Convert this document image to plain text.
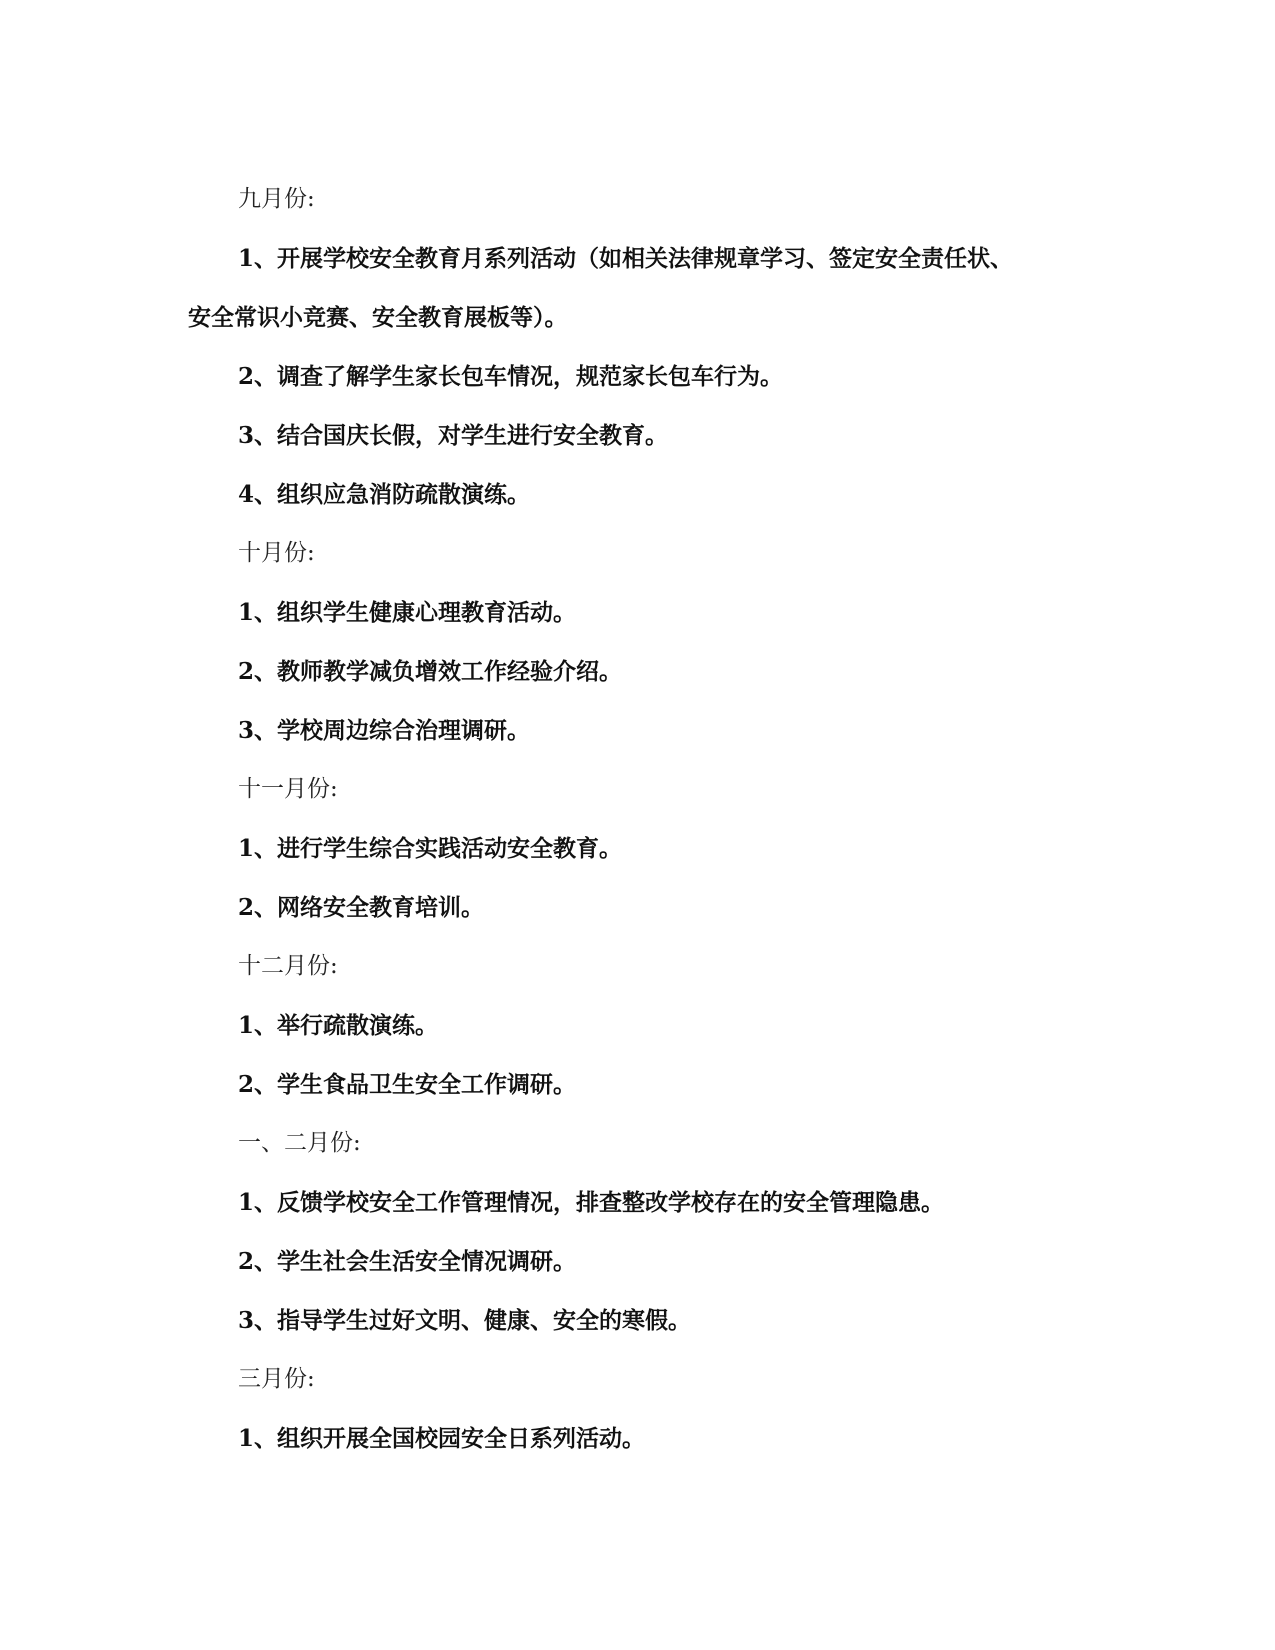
九月份:
1、开展学校安全教育月系列活动（如相关法律规章学习、签定安全责任状、
安全常识小竞赛、安全教育展板等）。
2、调查了解学生家长包车情况，规范家长包车行为。
3、结合国庆长假，对学生进行安全教育。
4、组织应急消防疏散演练。
十月份:
1、组织学生健康心理教育活动。
2、教师教学减负增效工作经验介绍。
3、学校周边综合治理调研。
十一月份:
1、进行学生综合实践活动安全教育。
2、网络安全教育培训。
十二月份:
1、举行疏散演练。
2、学生食品卫生安全工作调研。
一、二月份:
1、反馈学校安全工作管理情况，排查整改学校存在的安全管理隐患。
2、学生社会生活安全情况调研。
3、指导学生过好文明、健康、安全的寒假。
三月份:
1、组织开展全国校园安全日系列活动。
